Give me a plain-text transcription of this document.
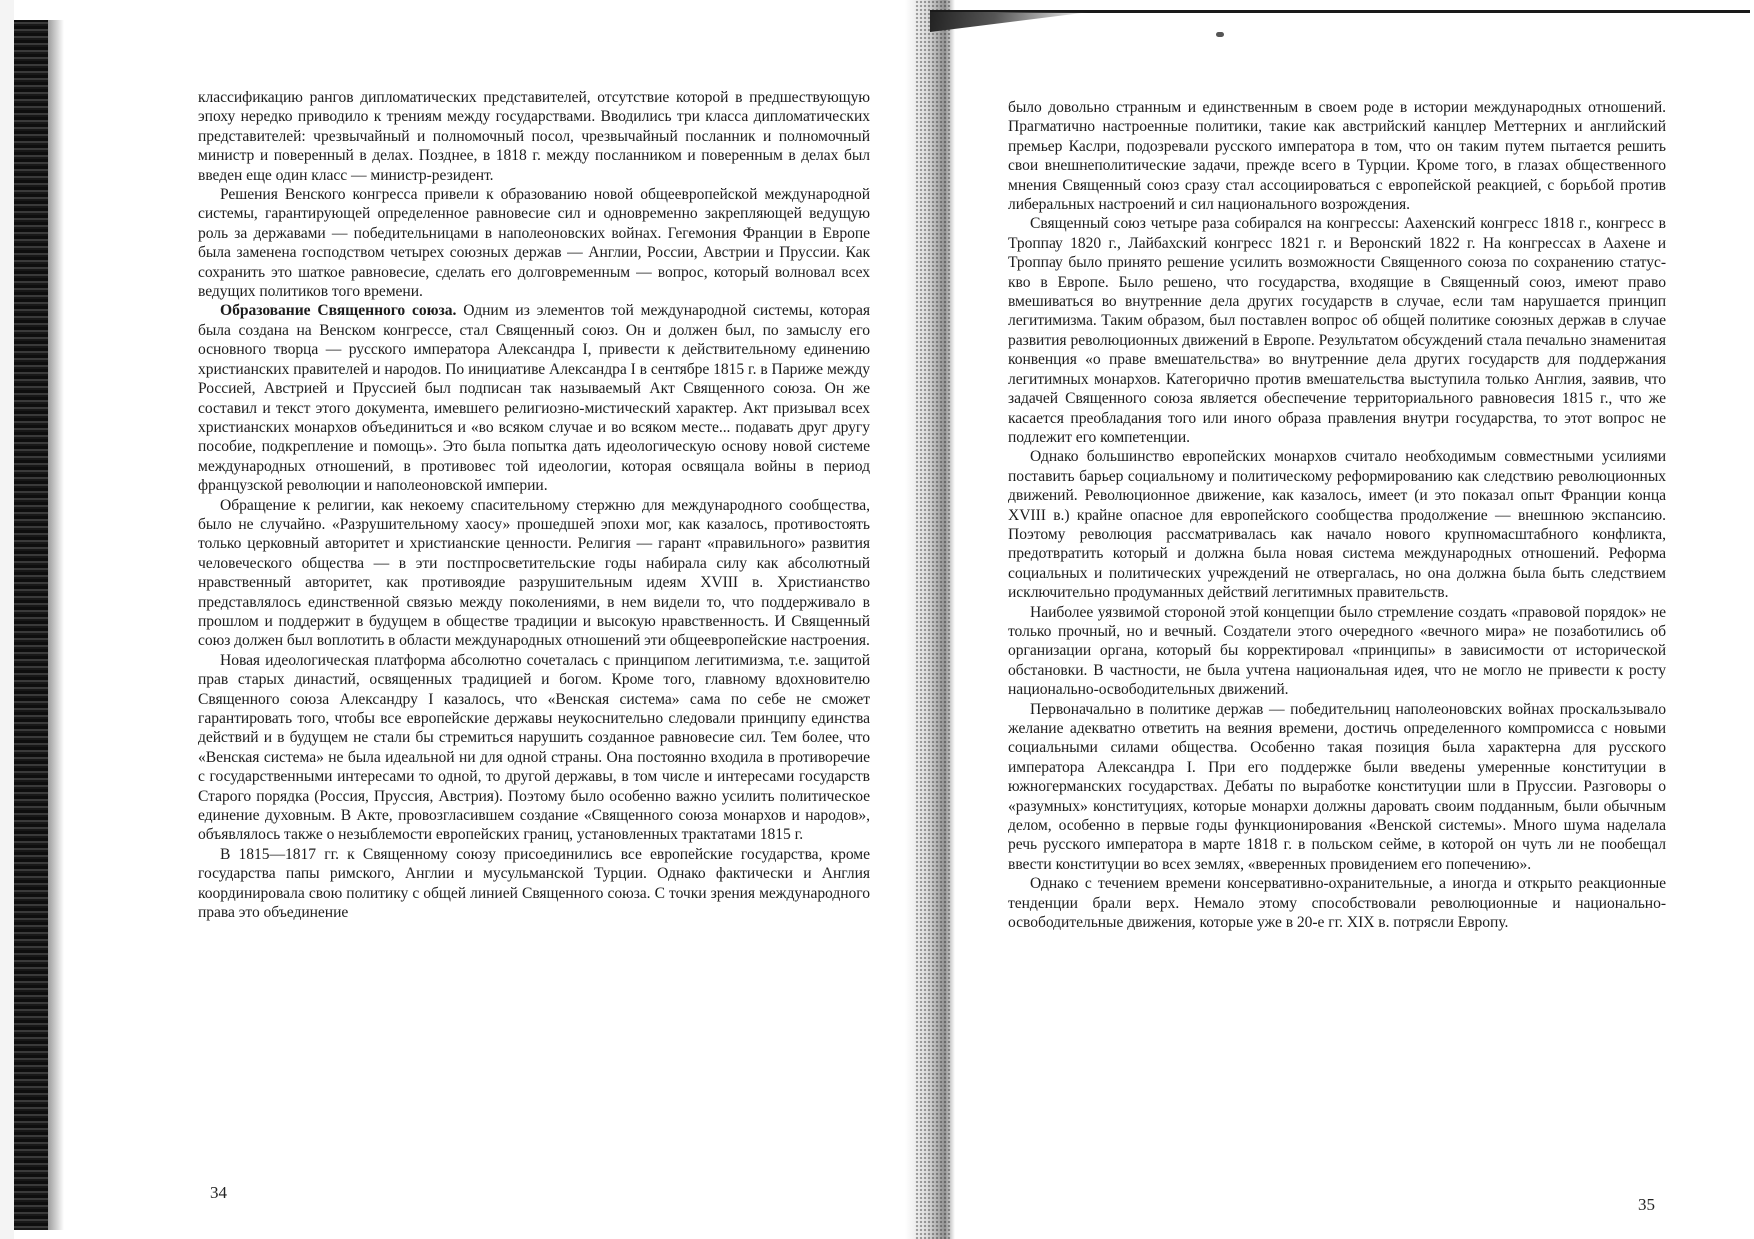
классификацию рангов дипломатических представителей, отсутствие которой в предшествующую эпоху нередко приводило к трениям между государствами. Вводились три класса дипломатических представителей: чрезвычайный и полномочный посол, чрезвычайный посланник и полномочный министр и поверенный в делах. Позднее, в 1818 г. между посланником и поверенным в делах был введен еще один класс — министр-резидент.

Решения Венского конгресса привели к образованию новой общеевропейской международной системы, гарантирующей определенное равновесие сил и одновременно закрепляющей ведущую роль за державами — победительницами в наполеоновских войнах. Гегемония Франции в Европе была заменена господством четырех союзных держав — Англии, России, Австрии и Пруссии. Как сохранить это шаткое равновесие, сделать его долговременным — вопрос, который волновал всех ведущих политиков того времени.

Образование Священного союза. Одним из элементов той международной системы, которая была создана на Венском конгрессе, стал Священный союз. Он и должен был, по замыслу его основного творца — русского императора Александра I, привести к действительному единению христианских правителей и народов. По инициативе Александра I в сентябре 1815 г. в Париже между Россией, Австрией и Пруссией был подписан так называемый Акт Священного союза. Он же составил и текст этого документа, имевшего религиозно-мистический характер. Акт призывал всех христианских монархов объединиться и «во всяком случае и во всяком месте... подавать друг другу пособие, подкрепление и помощь». Это была попытка дать идеологическую основу новой системе международных отношений, в противовес той идеологии, которая освящала войны в период французской революции и наполеоновской империи.

Обращение к религии, как некоему спасительному стержню для международного сообщества, было не случайно. «Разрушительному хаосу» прошедшей эпохи мог, как казалось, противостоять только церковный авторитет и христианские ценности. Религия — гарант «правильного» развития человеческого общества — в эти постпросветительские годы набирала силу как абсолютный нравственный авторитет, как противоядие разрушительным идеям XVIII в. Христианство представлялось единственной связью между поколениями, в нем видели то, что поддерживало в прошлом и поддержит в будущем в обществе традиции и высокую нравственность. И Священный союз должен был воплотить в области международных отношений эти общеевропейские настроения.

Новая идеологическая платформа абсолютно сочеталась с принципом легитимизма, т.е. защитой прав старых династий, освященных традицией и богом. Кроме того, главному вдохновителю Священного союза Александру I казалось, что «Венская система» сама по себе не сможет гарантировать того, чтобы все европейские державы неукоснительно следовали принципу единства действий и в будущем не стали бы стремиться нарушить созданное равновесие сил. Тем более, что «Венская система» не была идеальной ни для одной страны. Она постоянно входила в противоречие с государственными интересами то одной, то другой державы, в том числе и интересами государств Старого порядка (Россия, Пруссия, Австрия). Поэтому было особенно важно усилить политическое единение духовным. В Акте, провозгласившем создание «Священного союза монархов и народов», объявлялось также о незыблемости европейских границ, установленных трактатами 1815 г.

В 1815—1817 гг. к Священному союзу присоединились все европейские государства, кроме государства папы римского, Англии и мусульманской Турции. Однако фактически и Англия координировала свою политику с общей линией Священного союза. С точки зрения международного права это объединение

34

было довольно странным и единственным в своем роде в истории международных отношений. Прагматично настроенные политики, такие как австрийский канцлер Меттерних и английский премьер Каслри, подозревали русского императора в том, что он таким путем пытается решить свои внешнеполитические задачи, прежде всего в Турции. Кроме того, в глазах общественного мнения Священный союз сразу стал ассоциироваться с европейской реакцией, с борьбой против либеральных настроений и сил национального возрождения.

Священный союз четыре раза собирался на конгрессы: Аахенский конгресс 1818 г., конгресс в Троппау 1820 г., Лайбахский конгресс 1821 г. и Веронский 1822 г. На конгрессах в Аахене и Троппау было принято решение усилить возможности Священного союза по сохранению статус-кво в Европе. Было решено, что государства, входящие в Священный союз, имеют право вмешиваться во внутренние дела других государств в случае, если там нарушается принцип легитимизма. Таким образом, был поставлен вопрос об общей политике союзных держав в случае развития революционных движений в Европе. Результатом обсуждений стала печально знаменитая конвенция «о праве вмешательства» во внутренние дела других государств для поддержания легитимных монархов. Категорично против вмешательства выступила только Англия, заявив, что задачей Священного союза является обеспечение территориального равновесия 1815 г., что же касается преобладания того или иного образа правления внутри государства, то этот вопрос не подлежит его компетенции.

Однако большинство европейских монархов считало необходимым совместными усилиями поставить барьер социальному и политическому реформированию как следствию революционных движений. Революционное движение, как казалось, имеет (и это показал опыт Франции конца XVIII в.) крайне опасное для европейского сообщества продолжение — внешнюю экспансию. Поэтому революция рассматривалась как начало нового крупномасштабного конфликта, предотвратить который и должна была новая система международных отношений. Реформа социальных и политических учреждений не отвергалась, но она должна была быть следствием исключительно продуманных действий легитимных правительств.

Наиболее уязвимой стороной этой концепции было стремление создать «правовой порядок» не только прочный, но и вечный. Создатели этого очередного «вечного мира» не позаботились об организации органа, который бы корректировал «принципы» в зависимости от исторической обстановки. В частности, не была учтена национальная идея, что не могло не привести к росту национально-освободительных движений.

Первоначально в политике держав — победительниц наполеоновских войнах проскальзывало желание адекватно ответить на веяния времени, достичь определенного компромисса с новыми социальными силами общества. Особенно такая позиция была характерна для русского императора Александра I. При его поддержке были введены умеренные конституции в южногерманских государствах. Дебаты по выработке конституции шли в Пруссии. Разговоры о «разумных» конституциях, которые монархи должны даровать своим подданным, были обычным делом, особенно в первые годы функционирования «Венской системы». Много шума наделала речь русского императора в марте 1818 г. в польском сейме, в которой он чуть ли не пообещал ввести конституции во всех землях, «вверенных провидением его попечению».

Однако с течением времени консервативно-охранительные, а иногда и открыто реакционные тенденции брали верх. Немало этому способствовали революционные и национально-освободительные движения, которые уже в 20-е гг. XIX в. потрясли Европу.

35
